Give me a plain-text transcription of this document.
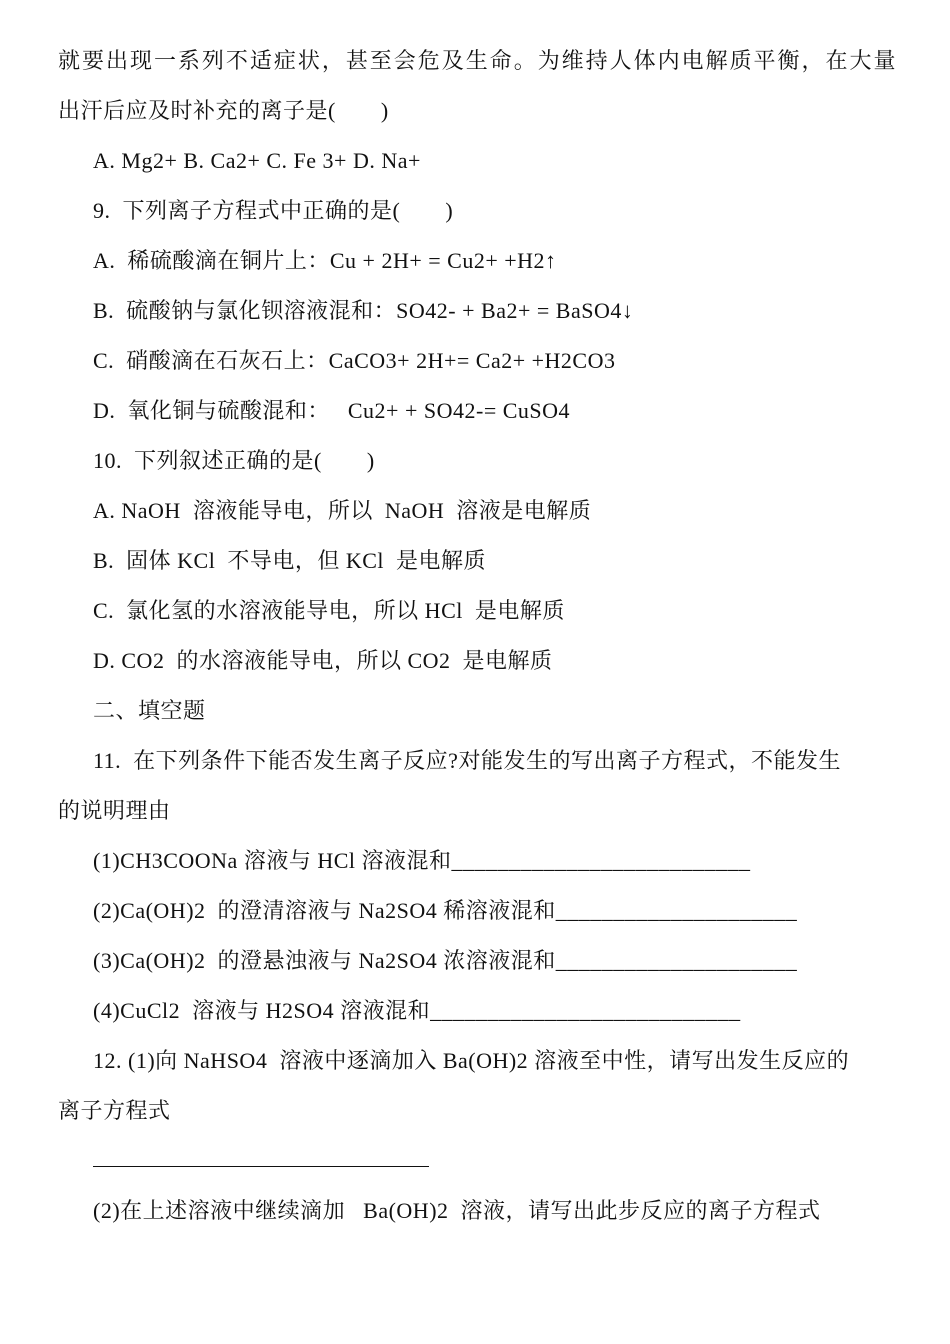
就要出现一系列不适症状，甚至会危及生命。为维持人体内电解质平衡，在大量
出汗后应及时补充的离子是(　　)
A. Mg2+ B. Ca2+ C. Fe 3+ D. Na+
9.  下列离子方程式中正确的是(　　)
A.  稀硫酸滴在铜片上：Cu + 2H+ = Cu2+ +H2↑
B.  硫酸钠与氯化钡溶液混和：SO42- + Ba2+ = BaSO4↓
C.  硝酸滴在石灰石上：CaCO3+ 2H+= Ca2+ +H2CO3
D.  氧化铜与硫酸混和：   Cu2+ + SO42-= CuSO4
10.  下列叙述正确的是(　　)
A. NaOH  溶液能导电，所以  NaOH  溶液是电解质
B.  固体 KCl  不导电，但 KCl  是电解质
C.  氯化氢的水溶液能导电，所以 HCl  是电解质
D. CO2  的水溶液能导电，所以 CO2  是电解质
二、填空题
11.  在下列条件下能否发生离子反应?对能发生的写出离子方程式，不能发生
的说明理由
(1)CH3COONa 溶液与 HCl 溶液混和__________________________
(2)Ca(OH)2  的澄清溶液与 Na2SO4 稀溶液混和_____________________
(3)Ca(OH)2  的澄悬浊液与 Na2SO4 浓溶液混和_____________________
(4)CuCl2  溶液与 H2SO4 溶液混和___________________________
12. (1)向 NaHSO4  溶液中逐滴加入 Ba(OH)2 溶液至中性，请写出发生反应的
离子方程式
(2)在上述溶液中继续滴加   Ba(OH)2  溶液，请写出此步反应的离子方程式
